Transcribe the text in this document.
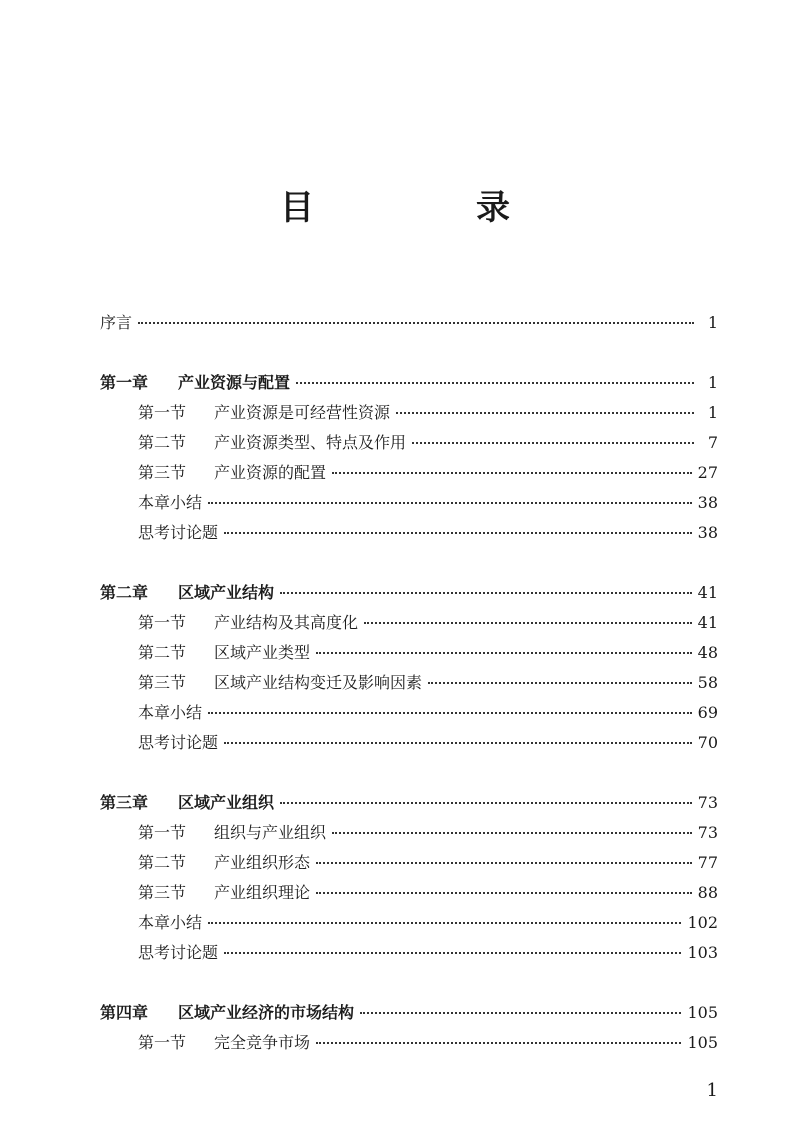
目　录
序言	1
第一章	产业资源与配置	1
第一节	产业资源是可经营性资源	1
第二节	产业资源类型、特点及作用	7
第三节	产业资源的配置	27
本章小结	38
思考讨论题	38
第二章	区域产业结构	41
第一节	产业结构及其高度化	41
第二节	区域产业类型	48
第三节	区域产业结构变迁及影响因素	58
本章小结	69
思考讨论题	70
第三章	区域产业组织	73
第一节	组织与产业组织	73
第二节	产业组织形态	77
第三节	产业组织理论	88
本章小结	102
思考讨论题	103
第四章	区域产业经济的市场结构	105
第一节	完全竞争市场	105
1
